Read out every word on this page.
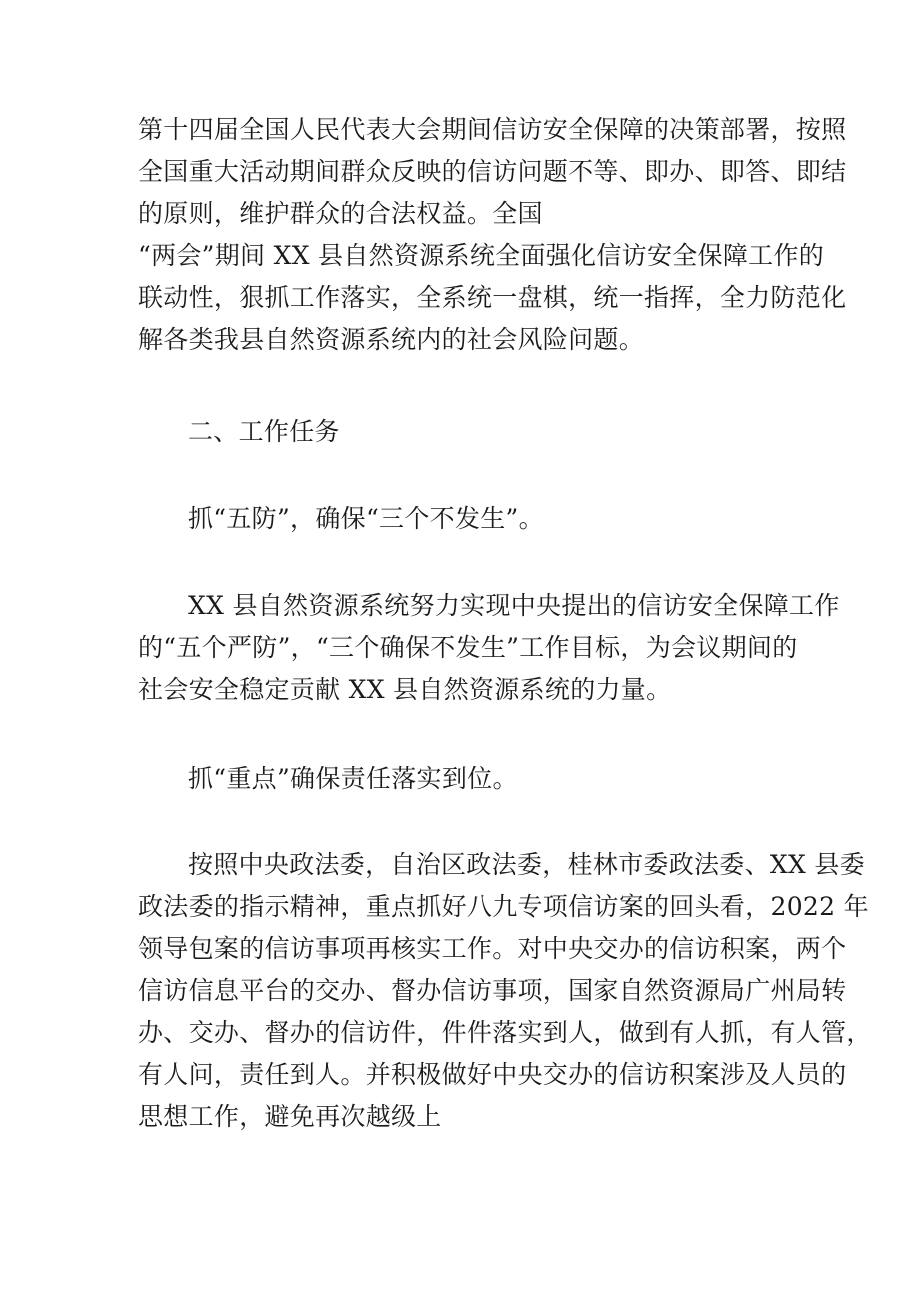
第十四届全国人民代表大会期间信访安全保障的决策部署，按照
全国重大活动期间群众反映的信访问题不等、即办、即答、即结
的原则，维护群众的合法权益。全国
“两会”期间 XX 县自然资源系统全面强化信访安全保障工作的
联动性，狠抓工作落实，全系统一盘棋，统一指挥，全力防范化
解各类我县自然资源系统内的社会风险问题。
二、工作任务
抓“五防”，确保“三个不发生”。
XX 县自然资源系统努力实现中央提出的信访安全保障工作
的“五个严防”，“三个确保不发生”工作目标，为会议期间的
社会安全稳定贡献 XX 县自然资源系统的力量。
抓“重点”确保责任落实到位。
按照中央政法委，自治区政法委，桂林市委政法委、XX 县委
政法委的指示精神，重点抓好八九专项信访案的回头看，2022 年
领导包案的信访事项再核实工作。对中央交办的信访积案，两个
信访信息平台的交办、督办信访事项，国家自然资源局广州局转
办、交办、督办的信访件，件件落实到人，做到有人抓，有人管，
有人问，责任到人。并积极做好中央交办的信访积案涉及人员的
思想工作，避免再次越级上
